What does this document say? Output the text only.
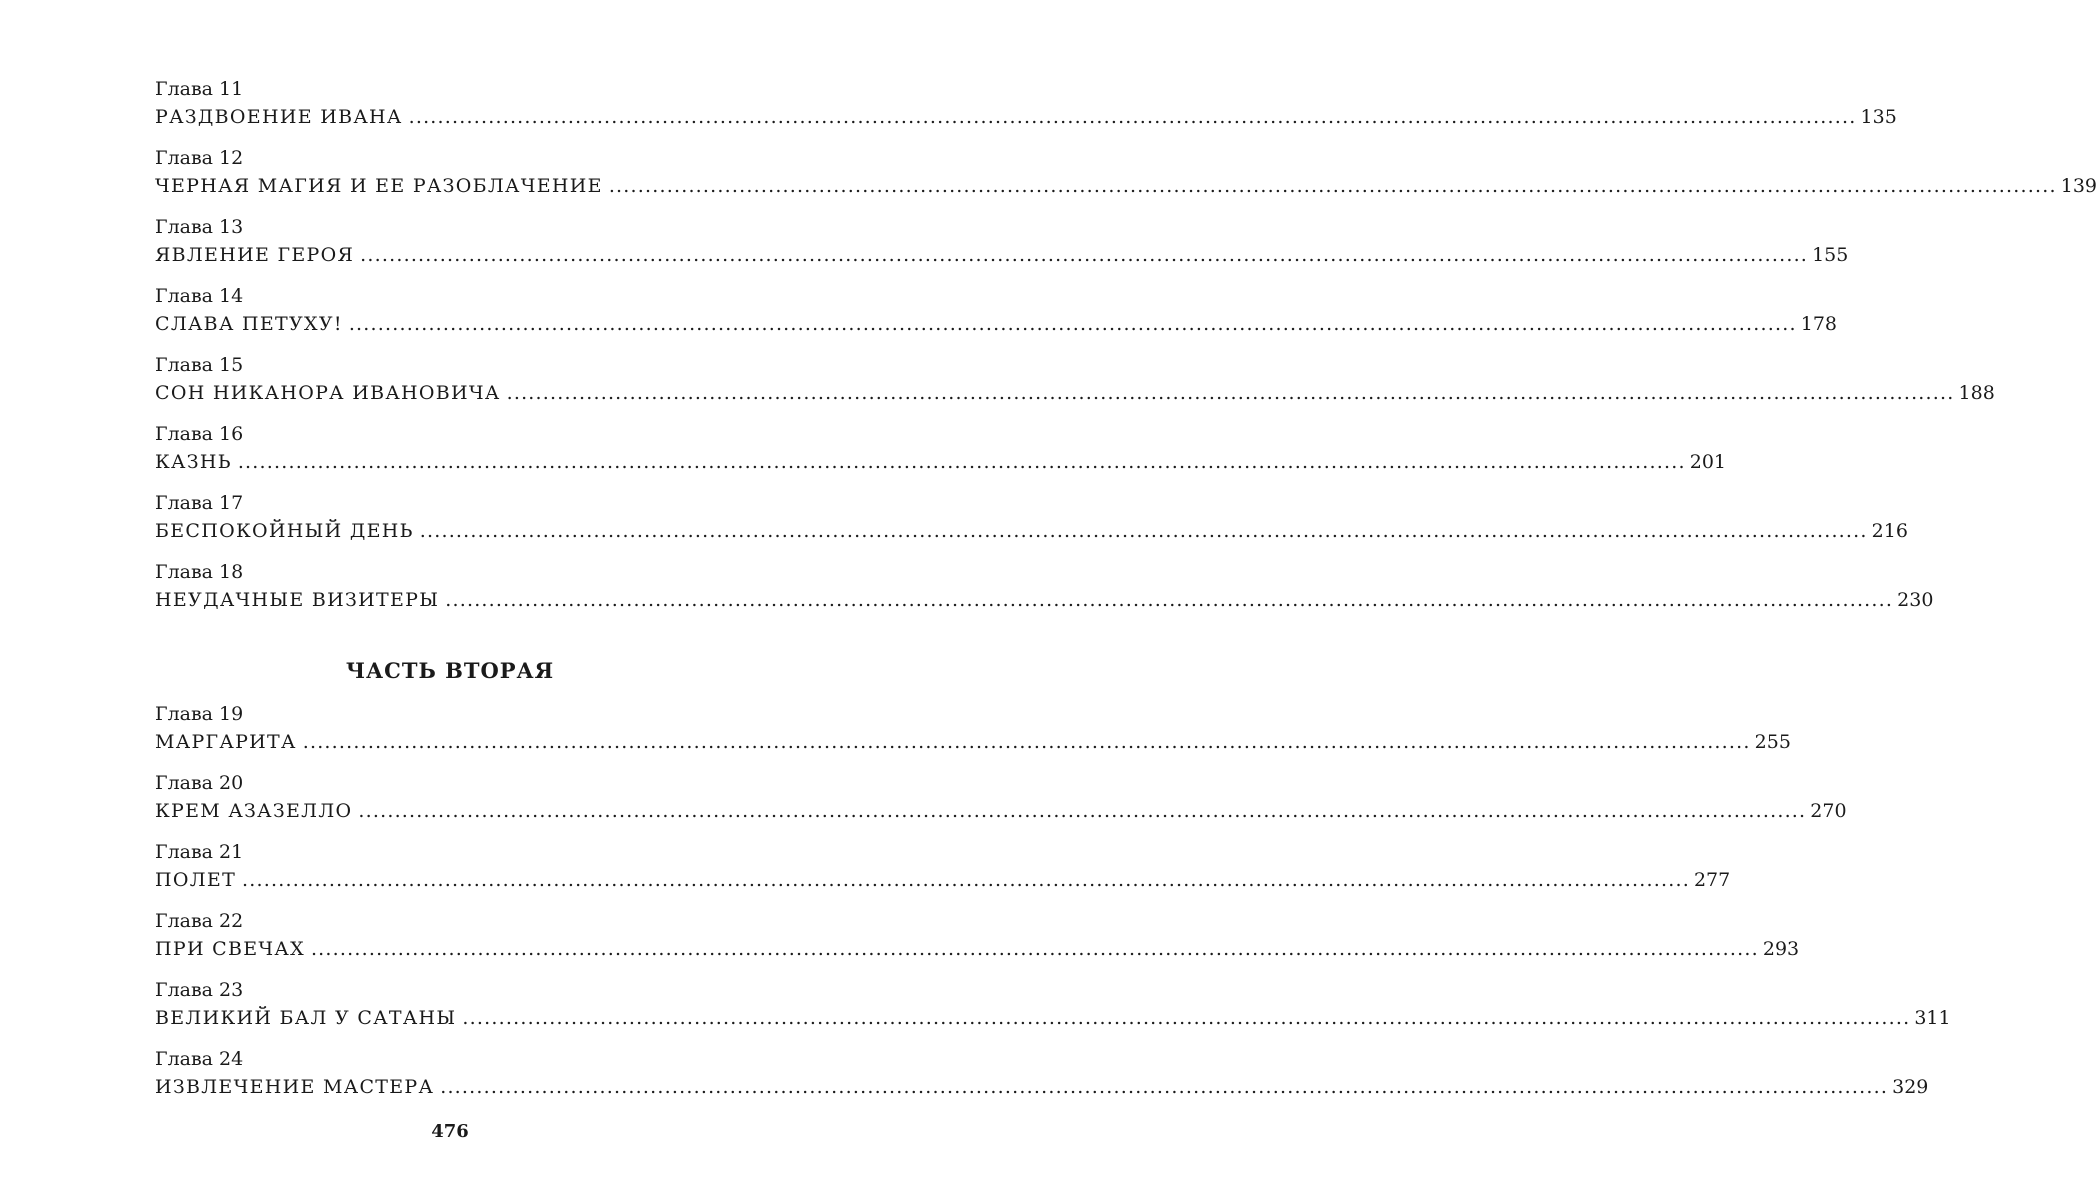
Глава 11
РАЗДВОЕНИЕ ИВАНА ........................................................................................................................................................................................................ 135
Глава 12
ЧЕРНАЯ МАГИЯ И ЕЕ РАЗОБЛАЧЕНИЕ ........................................................................................................................................................................................................ 139
Глава 13
ЯВЛЕНИЕ ГЕРОЯ ........................................................................................................................................................................................................ 155
Глава 14
СЛАВА ПЕТУХУ! ........................................................................................................................................................................................................ 178
Глава 15
СОН НИКАНОРА ИВАНОВИЧА ........................................................................................................................................................................................................ 188
Глава 16
КАЗНЬ ........................................................................................................................................................................................................ 201
Глава 17
БЕСПОКОЙНЫЙ ДЕНЬ ........................................................................................................................................................................................................ 216
Глава 18
НЕУДАЧНЫЕ ВИЗИТЕРЫ ........................................................................................................................................................................................................ 230
ЧАСТЬ ВТОРАЯ
Глава 19
МАРГАРИТА ........................................................................................................................................................................................................ 255
Глава 20
КРЕМ АЗАЗЕЛЛО ........................................................................................................................................................................................................ 270
Глава 21
ПОЛЕТ ........................................................................................................................................................................................................ 277
Глава 22
ПРИ СВЕЧАХ ........................................................................................................................................................................................................ 293
Глава 23
ВЕЛИКИЙ БАЛ У САТАНЫ ........................................................................................................................................................................................................ 311
Глава 24
ИЗВЛЕЧЕНИЕ МАСТЕРА ........................................................................................................................................................................................................ 329
476
